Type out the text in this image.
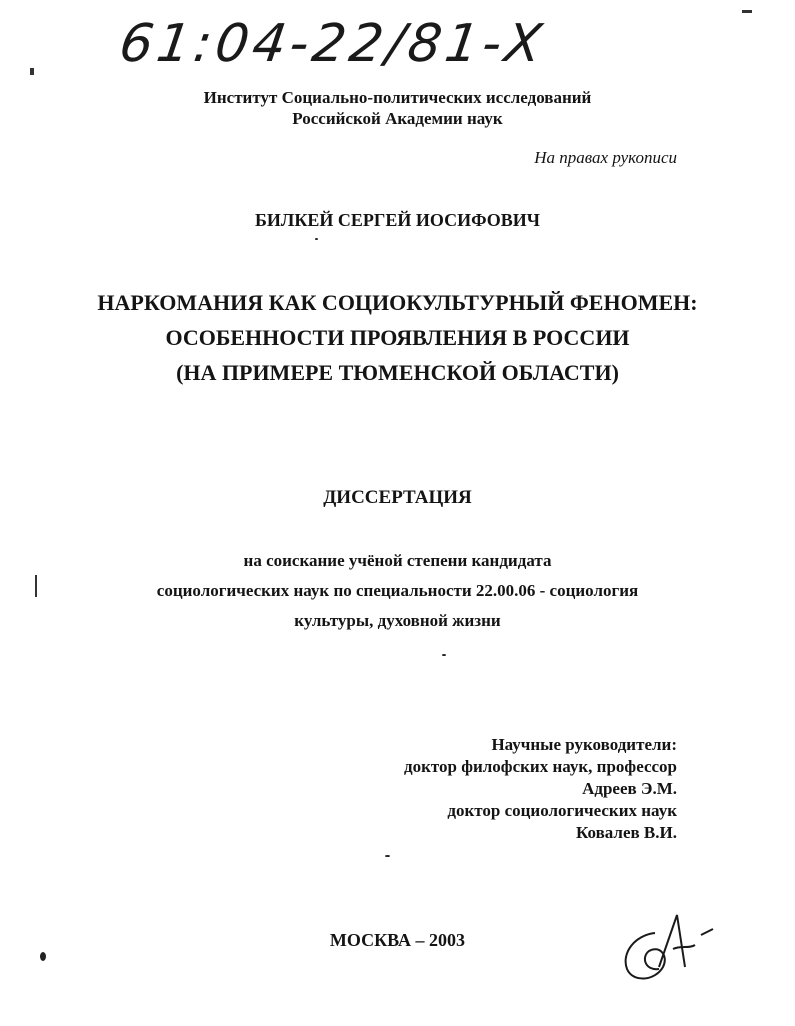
61:04-22/81-Х
Институт Социально-политических исследований
Российской Академии наук
На правах рукописи
БИЛКЕЙ СЕРГЕЙ ИОСИФОВИЧ
НАРКОМАНИЯ КАК СОЦИОКУЛЬТУРНЫЙ ФЕНОМЕН:
ОСОБЕННОСТИ ПРОЯВЛЕНИЯ В РОССИИ
(НА ПРИМЕРЕ ТЮМЕНСКОЙ ОБЛАСТИ)
ДИССЕРТАЦИЯ
на соискание учёной степени кандидата
социологических наук по специальности 22.00.06 - социология
культуры, духовной жизни
Научные руководители:
доктор филофских наук, профессор
Адреев Э.М.
доктор социологических наук
Ковалев В.И.
МОСКВА – 2003
